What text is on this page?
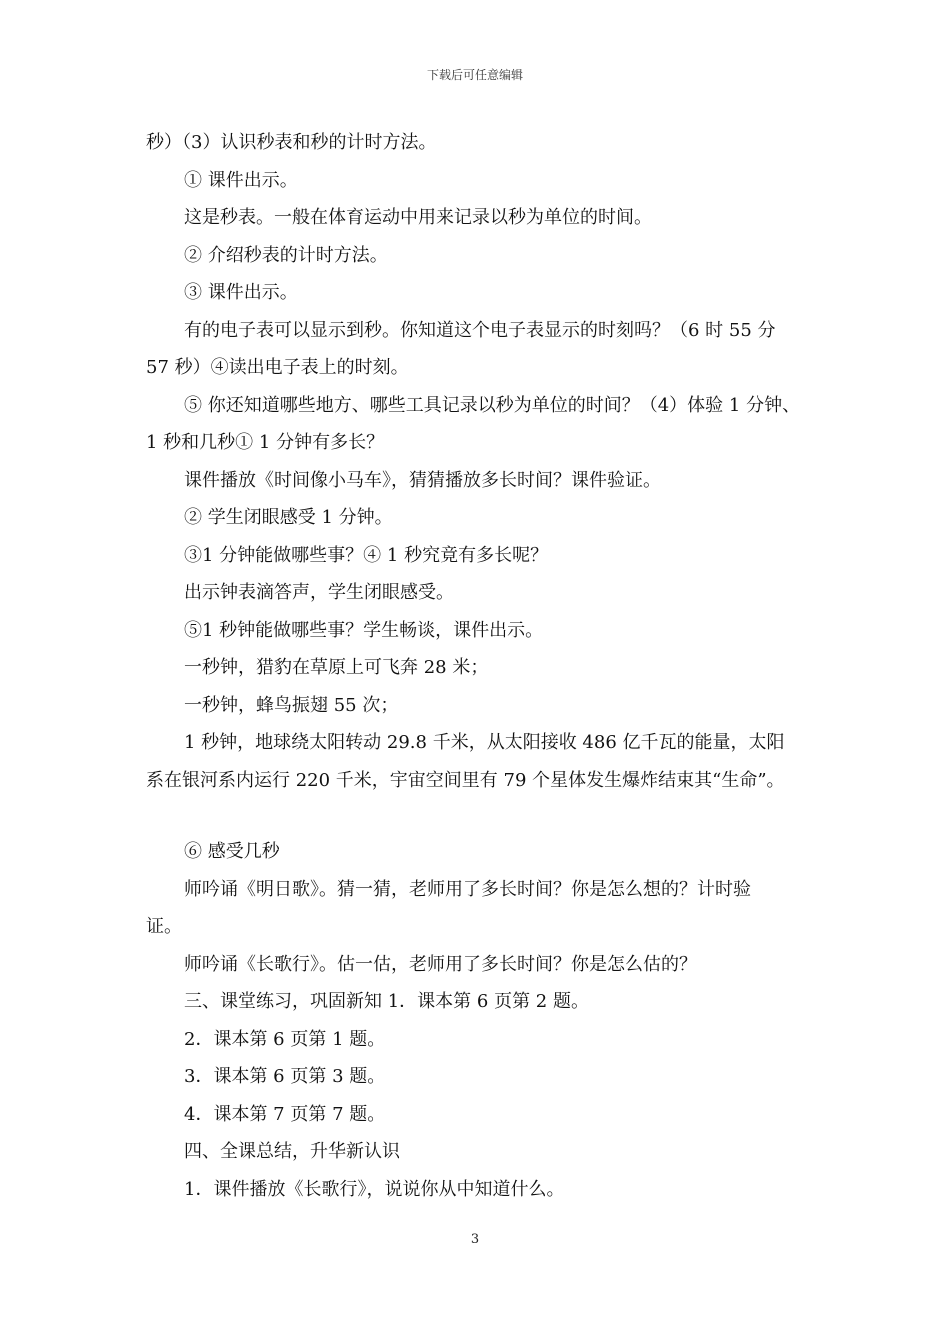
下载后可任意编辑
秒）（3）认识秒表和秒的计时方法。
① 课件出示。
这是秒表。一般在体育运动中用来记录以秒为单位的时间。
② 介绍秒表的计时方法。
③ 课件出示。
有的电子表可以显示到秒。你知道这个电子表显示的时刻吗？（6 时 55 分
57 秒）④读出电子表上的时刻。
⑤ 你还知道哪些地方、哪些工具记录以秒为单位的时间？（4）体验 1 分钟、
1 秒和几秒① 1 分钟有多长？
课件播放《时间像小马车》，猜猜播放多长时间？课件验证。
② 学生闭眼感受 1 分钟。
③1 分钟能做哪些事？④ 1 秒究竟有多长呢？
出示钟表滴答声，学生闭眼感受。
⑤1 秒钟能做哪些事？学生畅谈，课件出示。
一秒钟，猎豹在草原上可飞奔 28 米；
一秒钟，蜂鸟振翅 55 次；
1 秒钟，地球绕太阳转动 29.8 千米，从太阳接收 486 亿千瓦的能量，太阳
系在银河系内运行 220 千米，宇宙空间里有 79 个星体发生爆炸结束其“生命”。
⑥ 感受几秒
师吟诵《明日歌》。猜一猜，老师用了多长时间？你是怎么想的？计时验
证。
师吟诵《长歌行》。估一估，老师用了多长时间？你是怎么估的？
三、课堂练习，巩固新知 1．课本第 6 页第 2 题。
2．课本第 6 页第 1 题。
3．课本第 6 页第 3 题。
4．课本第 7 页第 7 题。
四、全课总结，升华新认识
1．课件播放《长歌行》，说说你从中知道什么。
3
